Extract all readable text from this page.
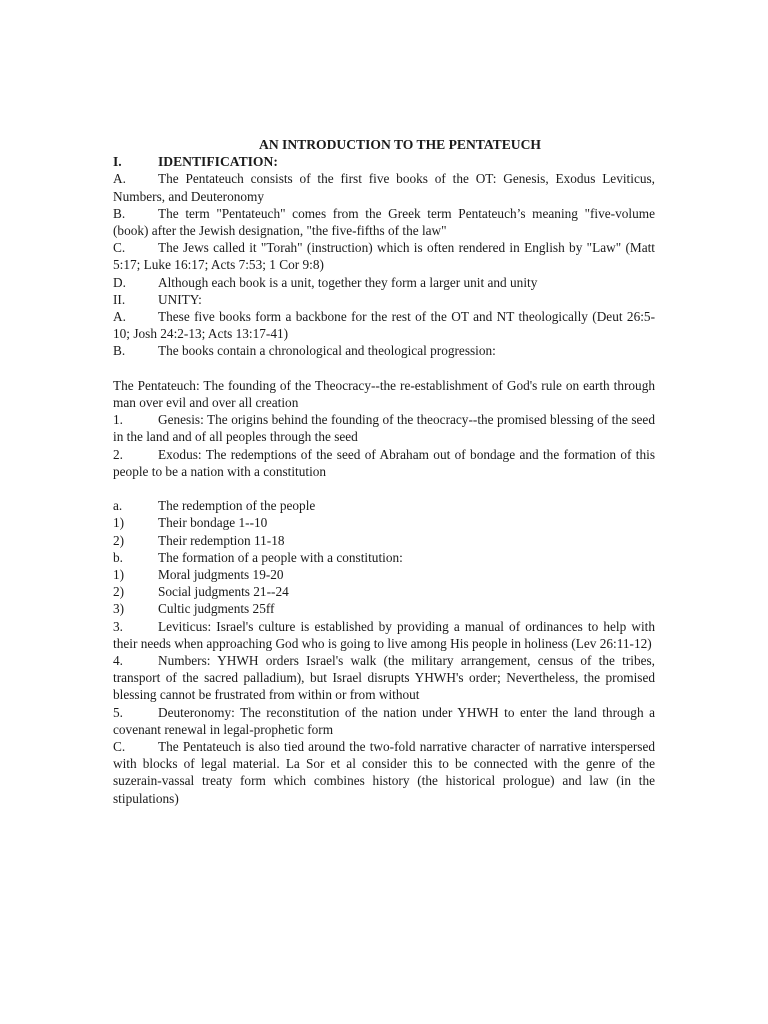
AN INTRODUCTION TO THE PENTATEUCH
I.	IDENTIFICATION:
A. The Pentateuch consists of the first five books of the OT: Genesis, Exodus Leviticus, Numbers, and Deuteronomy
B. The term "Pentateuch" comes from the Greek term Pentateuch’s meaning "five-volume (book) after the Jewish designation, "the five-fifths of the law"
C. The Jews called it "Torah" (instruction) which is often rendered in English by "Law" (Matt 5:17; Luke 16:17; Acts 7:53; 1 Cor 9:8)
D. Although each book is a unit, together they form a larger unit and unity
II.	UNITY:
A. These five books form a backbone for the rest of the OT and NT theologically (Deut 26:5-10; Josh 24:2-13; Acts 13:17-41)
B. The books contain a chronological and theological progression:
The Pentateuch: The founding of the Theocracy--the re-establishment of God's rule on earth through man over evil and over all creation
1.	Genesis: The origins behind the founding of the theocracy--the promised blessing of the seed in the land and of all peoples through the seed
2.	Exodus: The redemptions of the seed of Abraham out of bondage and the formation of this people to be a nation with a constitution
a.	The redemption of the people
1)	Their bondage 1--10
2)	Their redemption 11-18
b.	The formation of a people with a constitution:
1)	Moral judgments 19-20
2)	Social judgments 21--24
3)	Cultic judgments 25ff
3.	Leviticus: Israel's culture is established by providing a manual of ordinances to help with their needs when approaching God who is going to live among His people in holiness (Lev 26:11-12)
4.	Numbers: YHWH orders Israel's walk (the military arrangement, census of the tribes, transport of the sacred palladium), but Israel disrupts YHWH's order; Nevertheless, the promised blessing cannot be frustrated from within or from without
5.	Deuteronomy: The reconstitution of the nation under YHWH to enter the land through a covenant renewal in legal-prophetic form
C. The Pentateuch is also tied around the two-fold narrative character of narrative interspersed with blocks of legal material. La Sor et al consider this to be connected with the genre of the suzerain-vassal treaty form which combines history (the historical prologue) and law (in the stipulations)
